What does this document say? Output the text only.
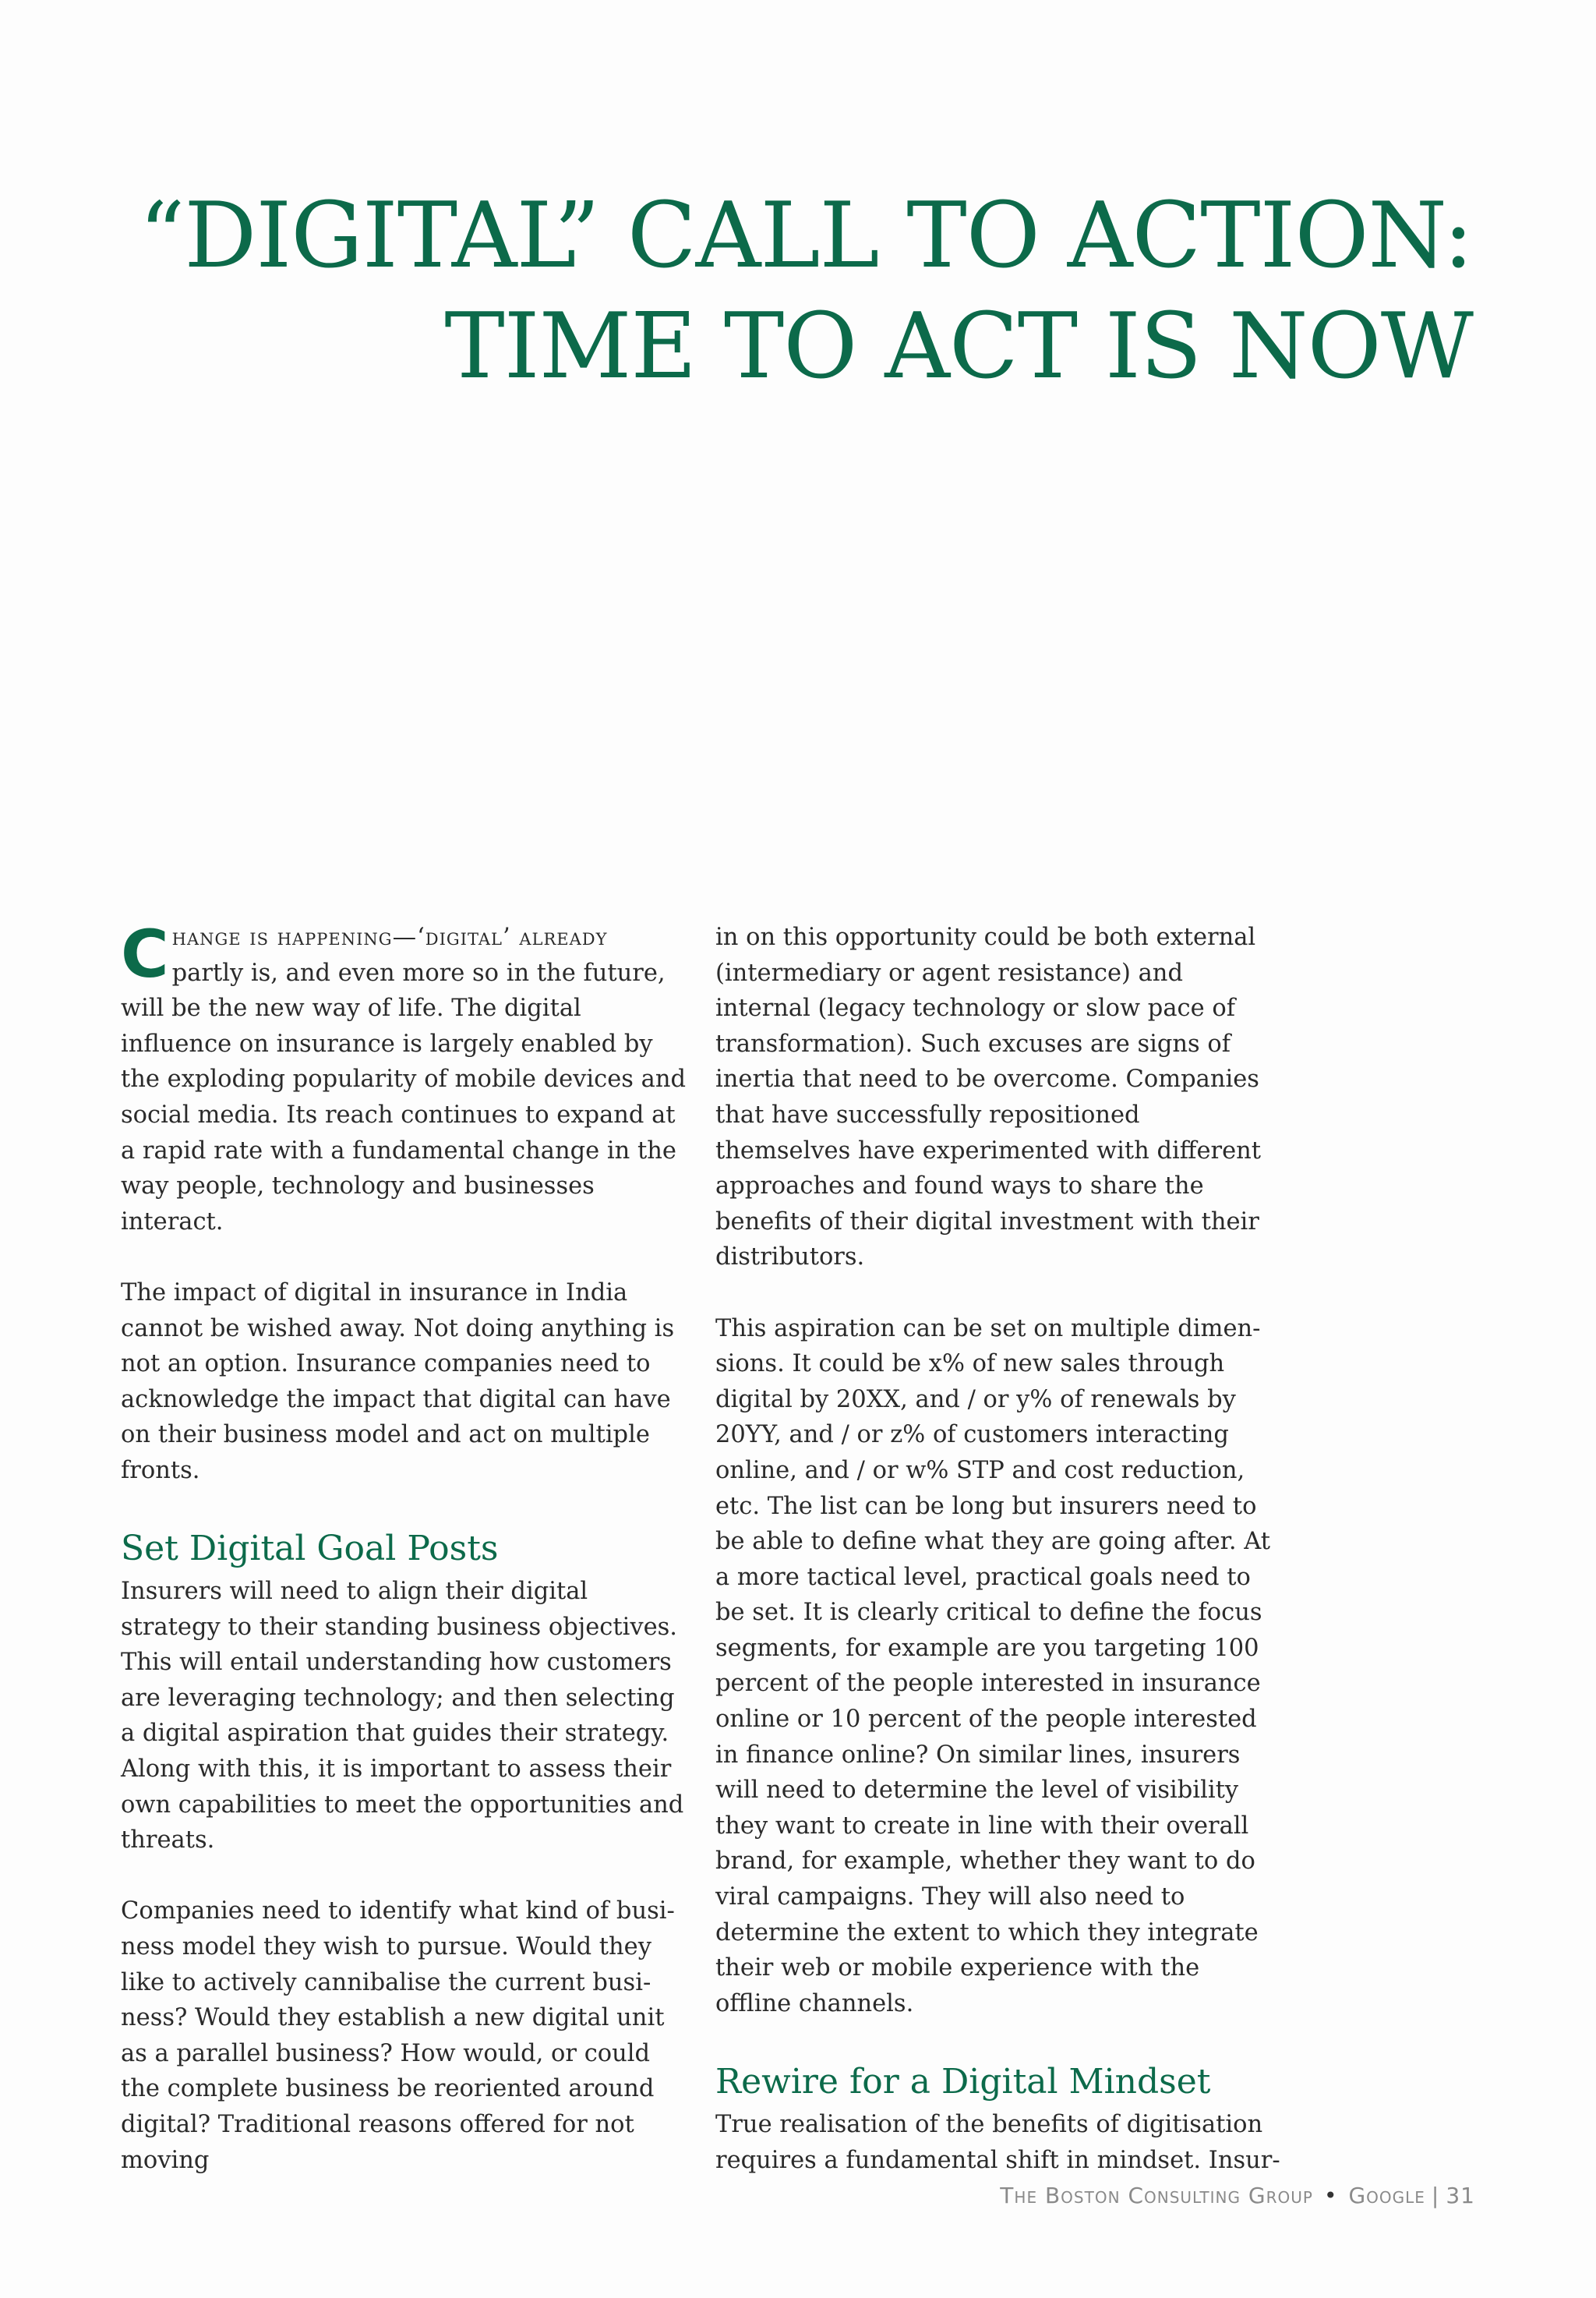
“DIGITAL” CALL TO ACTION:
TIME TO ACT IS NOW

Change is happening—‘digital’ already partly is, and even more so in the future, will be the new way of life. The digital influence on insurance is largely enabled by the exploding popularity of mobile devices and social media. Its reach continues to expand at a rapid rate with a fundamental change in the way people, technology and businesses interact.

The impact of digital in insurance in India cannot be wished away. Not doing anything is not an option. Insurance companies need to acknowledge the impact that digital can have on their business model and act on multiple fronts.

Set Digital Goal Posts

Insurers will need to align their digital strategy to their standing business objectives. This will entail understanding how customers are leveraging technology; and then selecting a digital aspiration that guides their strategy. Along with this, it is important to assess their own capabilities to meet the opportunities and threats.

Companies need to identify what kind of business model they wish to pursue. Would they like to actively cannibalise the current business? Would they establish a new digital unit as a parallel business? How would, or could the complete business be reoriented around digital? Traditional reasons offered for not moving

in on this opportunity could be both external (intermediary or agent resistance) and internal (legacy technology or slow pace of transformation). Such excuses are signs of inertia that need to be overcome. Companies that have successfully repositioned themselves have experimented with different approaches and found ways to share the benefits of their digital investment with their distributors.

This aspiration can be set on multiple dimensions. It could be x% of new sales through digital by 20XX, and / or y% of renewals by 20YY, and / or z% of customers interacting online, and / or w% STP and cost reduction, etc. The list can be long but insurers need to be able to define what they are going after. At a more tactical level, practical goals need to be set. It is clearly critical to define the focus segments, for example are you targeting 100 percent of the people interested in insurance online or 10 percent of the people interested in finance online? On similar lines, insurers will need to determine the level of visibility they want to create in line with their overall brand, for example, whether they want to do viral campaigns. They will also need to determine the extent to which they integrate their web or mobile experience with the offline channels.

Rewire for a Digital Mindset

True realisation of the benefits of digitisation requires a fundamental shift in mindset. Insur-

The Boston Consulting Group • Google | 31
